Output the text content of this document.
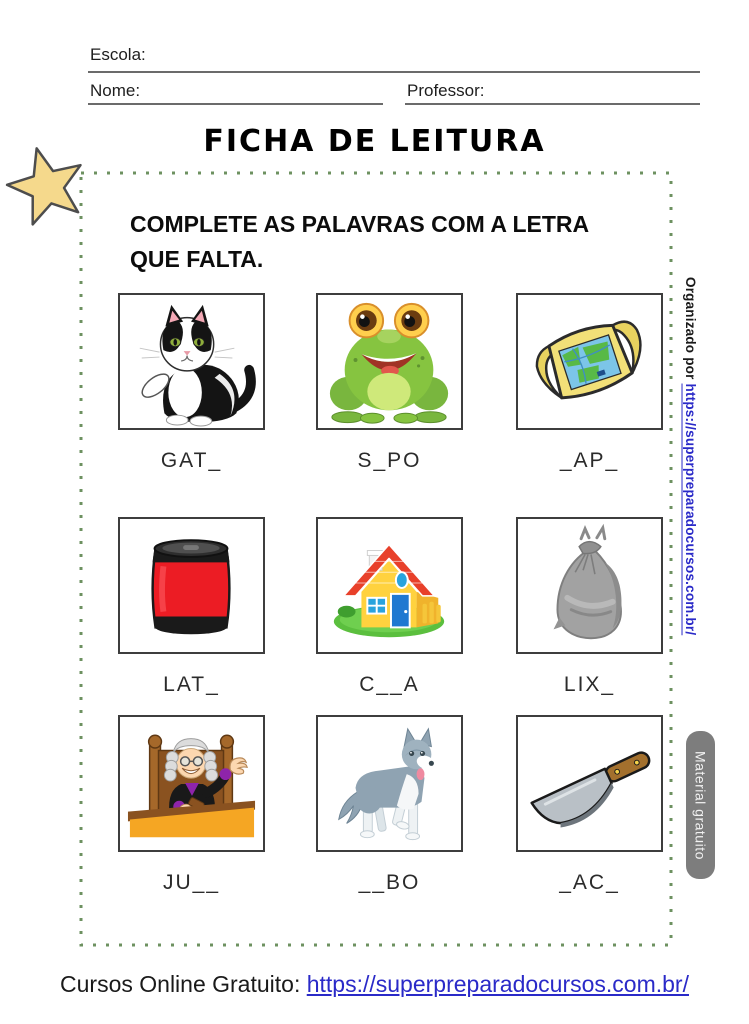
Escola:
Nome:	Professor:
FICHA DE LEITURA
COMPLETE AS PALAVRAS COM A LETRA
QUE FALTA.
GAT_	S_PO	_AP_
LAT_	C__A	LIX_
JU__	__BO	_AC_
Organizado por https://superpreparadocursos.com.br/
Material gratuito
Cursos Online Gratuito: https://superpreparadocursos.com.br/
